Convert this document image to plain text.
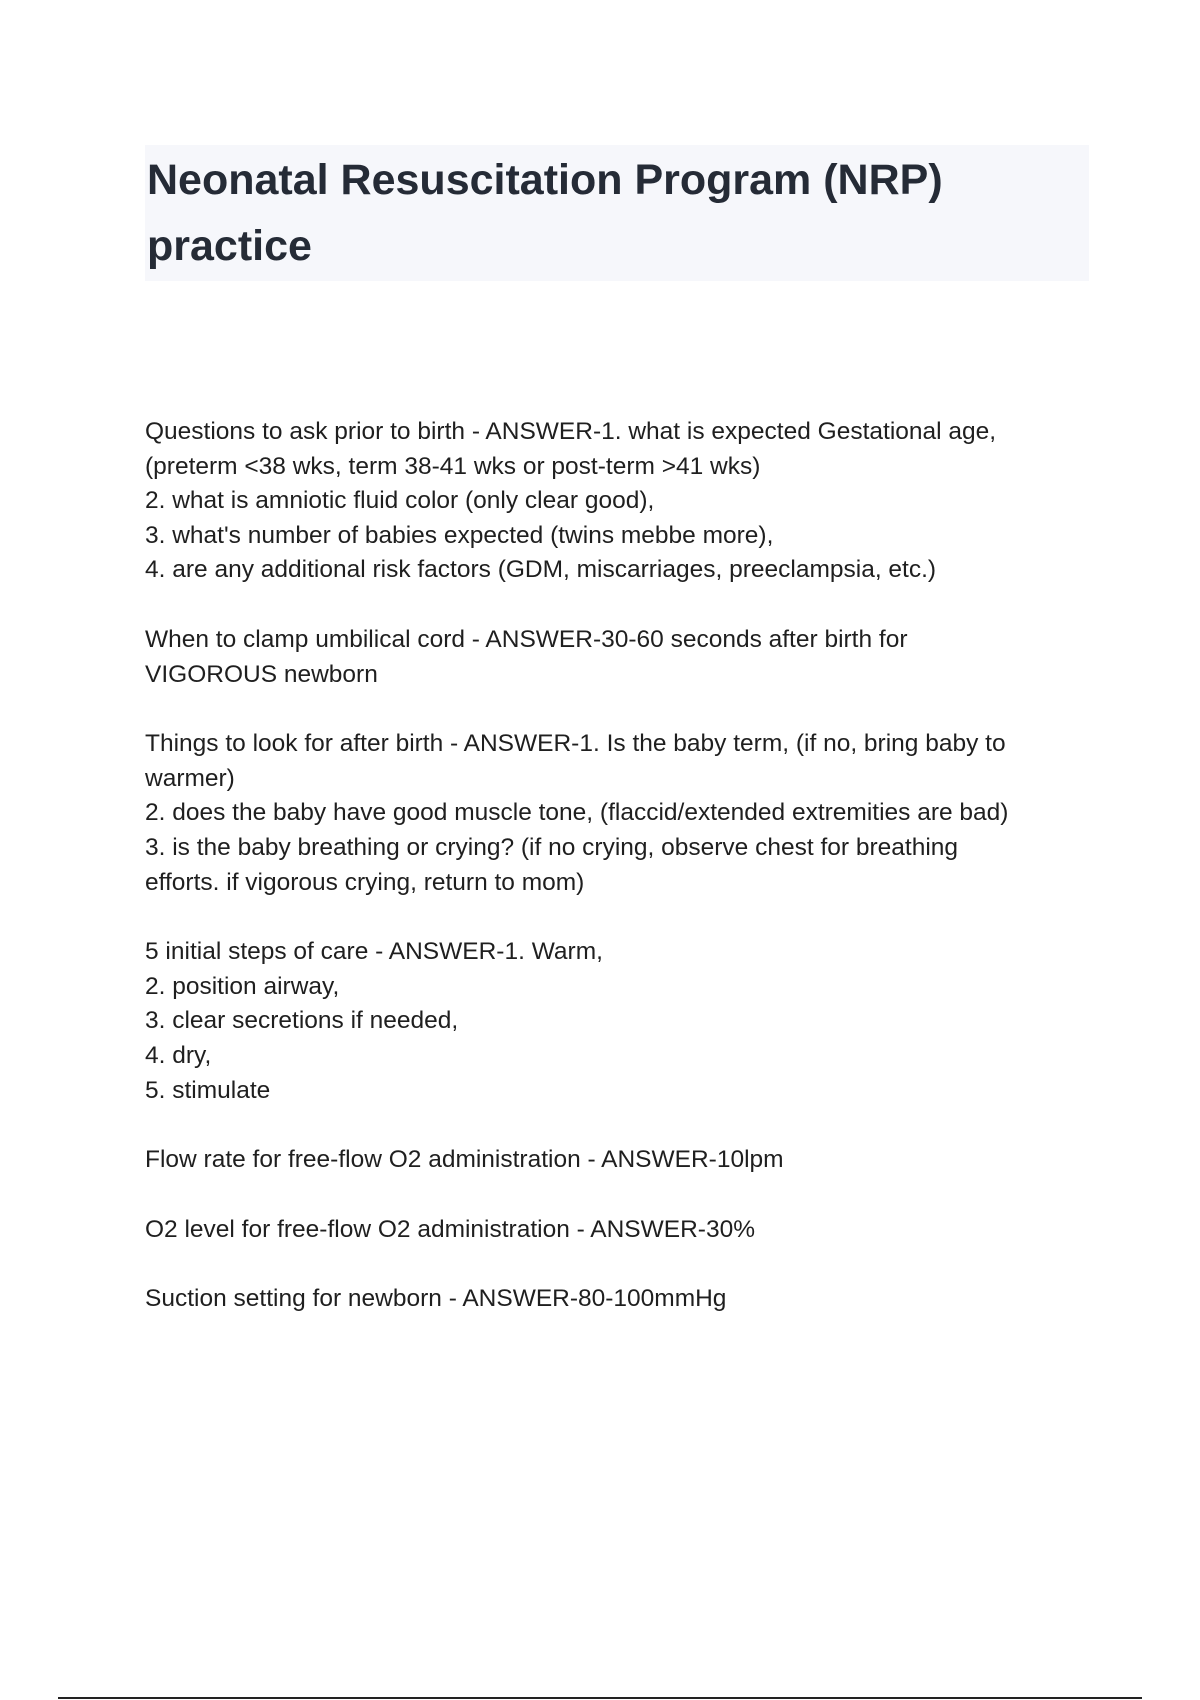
Neonatal Resuscitation Program (NRP)
practice
Questions to ask prior to birth - ANSWER-1. what is expected Gestational age,
(preterm <38 wks, term 38-41 wks or post-term >41 wks)
2. what is amniotic fluid color (only clear good),
3. what's number of babies expected (twins mebbe more),
4. are any additional risk factors (GDM, miscarriages, preeclampsia, etc.)
When to clamp umbilical cord - ANSWER-30-60 seconds after birth for
VIGOROUS newborn
Things to look for after birth - ANSWER-1. Is the baby term, (if no, bring baby to
warmer)
2. does the baby have good muscle tone, (flaccid/extended extremities are bad)
3. is the baby breathing or crying? (if no crying, observe chest for breathing
efforts. if vigorous crying, return to mom)
5 initial steps of care - ANSWER-1. Warm,
2. position airway,
3. clear secretions if needed,
4. dry,
5. stimulate
Flow rate for free-flow O2 administration - ANSWER-10lpm
O2 level for free-flow O2 administration - ANSWER-30%
Suction setting for newborn - ANSWER-80-100mmHg
